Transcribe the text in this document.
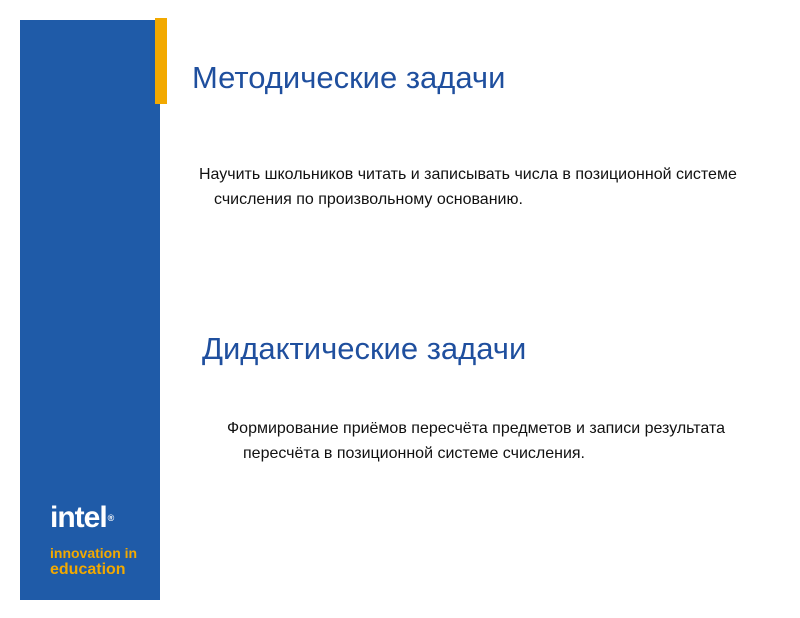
intel®
innovation in
education
Методические задачи

Научить школьников читать и записывать числа в позиционной системе счисления по произвольному основанию.

Дидактические задачи

Формирование приёмов пересчёта предметов и записи результата пересчёта в позиционной системе счисления.
